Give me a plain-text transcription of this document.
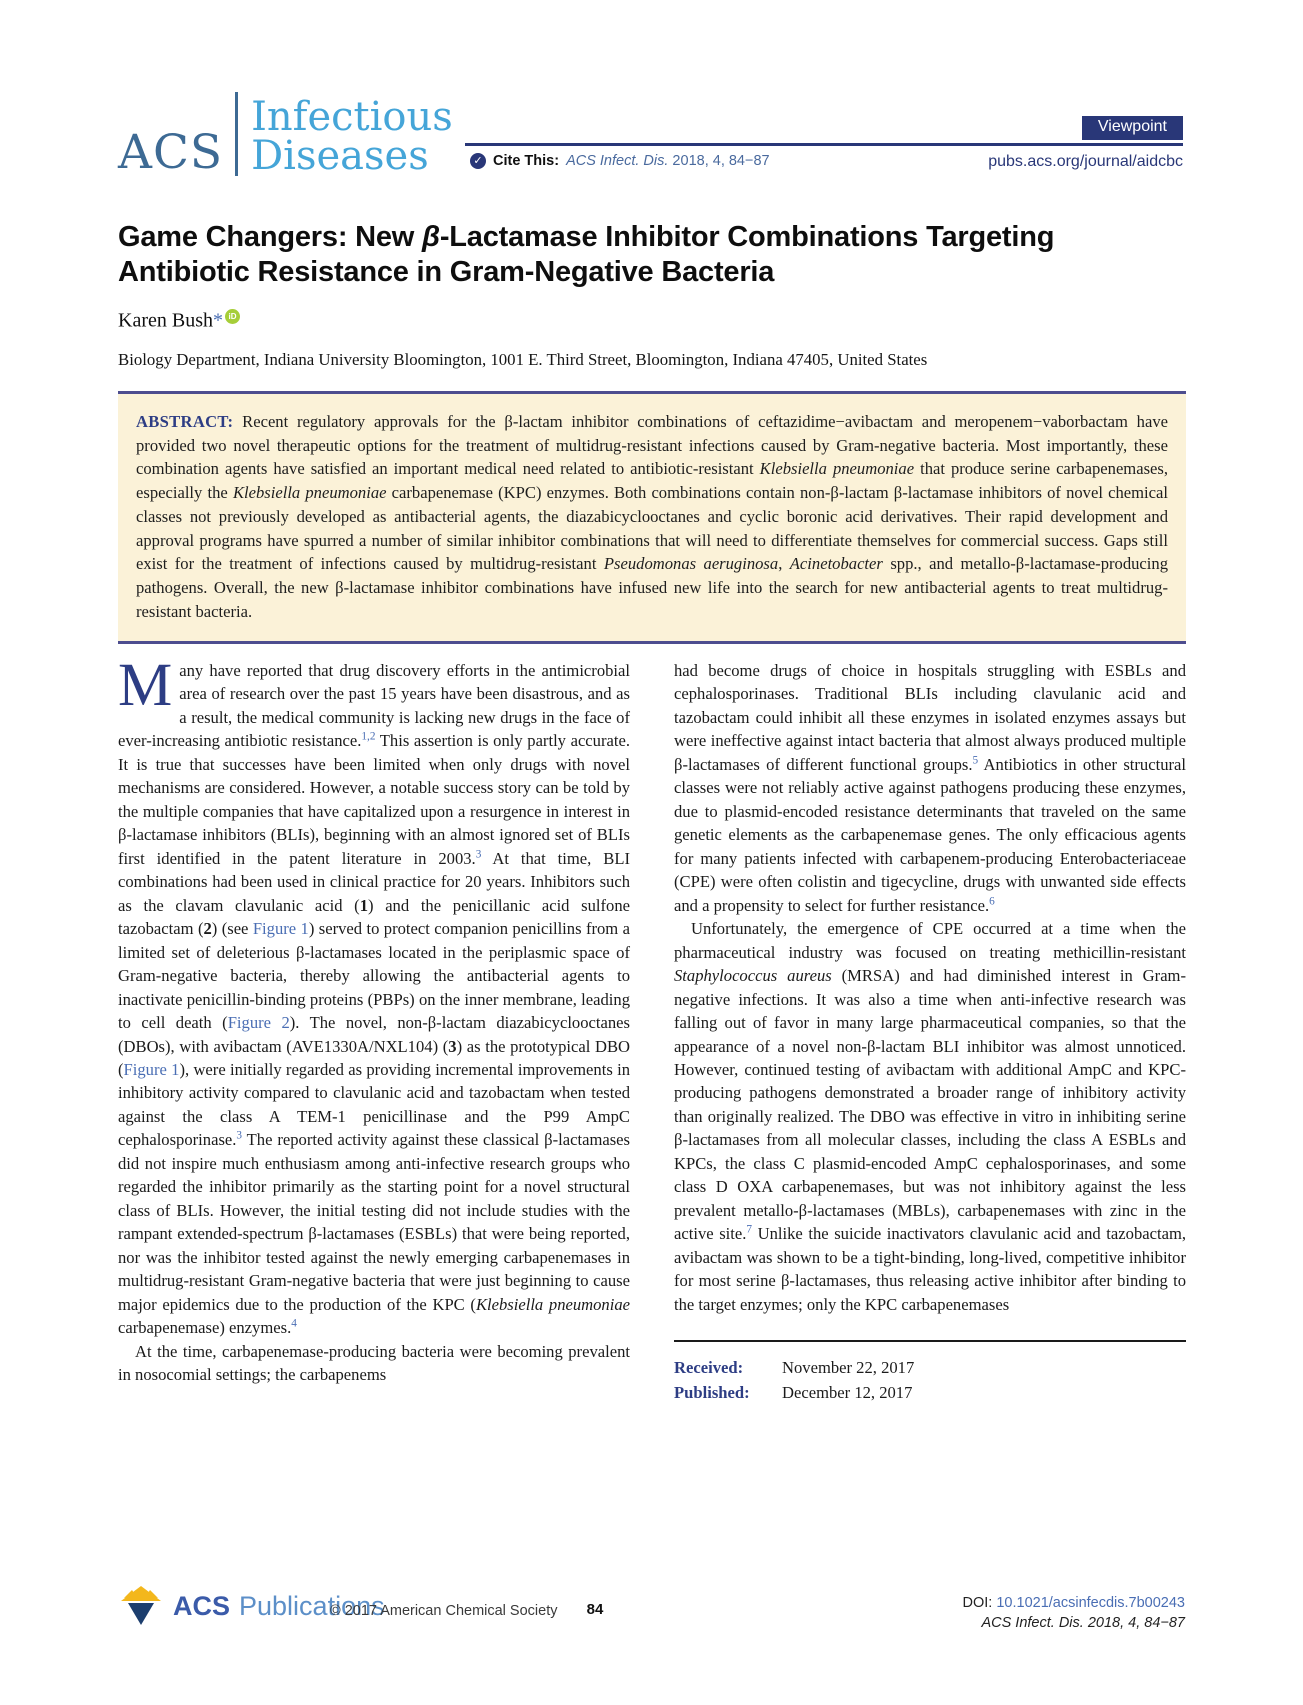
ACS
Infectious
Diseases
Viewpoint
✓ Cite This: ACS Infect. Dis. 2018, 4, 84−87	pubs.acs.org/journal/aidcbc
Game Changers: New β-Lactamase Inhibitor Combinations Targeting Antibiotic Resistance in Gram-Negative Bacteria
Karen Bush* iD
Biology Department, Indiana University Bloomington, 1001 E. Third Street, Bloomington, Indiana 47405, United States
ABSTRACT: Recent regulatory approvals for the β-lactam inhibitor combinations of ceftazidime−avibactam and meropenem−vaborbactam have provided two novel therapeutic options for the treatment of multidrug-resistant infections caused by Gram-negative bacteria. Most importantly, these combination agents have satisfied an important medical need related to antibiotic-resistant Klebsiella pneumoniae that produce serine carbapenemases, especially the Klebsiella pneumoniae carbapenemase (KPC) enzymes. Both combinations contain non-β-lactam β-lactamase inhibitors of novel chemical classes not previously developed as antibacterial agents, the diazabicyclooctanes and cyclic boronic acid derivatives. Their rapid development and approval programs have spurred a number of similar inhibitor combinations that will need to differentiate themselves for commercial success. Gaps still exist for the treatment of infections caused by multidrug-resistant Pseudomonas aeruginosa, Acinetobacter spp., and metallo-β-lactamase-producing pathogens. Overall, the new β-lactamase inhibitor combinations have infused new life into the search for new antibacterial agents to treat multidrug-resistant bacteria.

Many have reported that drug discovery efforts in the antimicrobial area of research over the past 15 years have been disastrous, and as a result, the medical community is lacking new drugs in the face of ever-increasing antibiotic resistance.$^{1,2}$ This assertion is only partly accurate. It is true that successes have been limited when only drugs with novel mechanisms are considered. However, a notable success story can be told by the multiple companies that have capitalized upon a resurgence in interest in β-lactamase inhibitors (BLIs), beginning with an almost ignored set of BLIs first identified in the patent literature in 2003.$^3$ At that time, BLI combinations had been used in clinical practice for 20 years. Inhibitors such as the clavam clavulanic acid (1) and the penicillanic acid sulfone tazobactam (2) (see Figure 1) served to protect companion penicillins from a limited set of deleterious β-lactamases located in the periplasmic space of Gram-negative bacteria, thereby allowing the antibacterial agents to inactivate penicillin-binding proteins (PBPs) on the inner membrane, leading to cell death (Figure 2). The novel, non-β-lactam diazabicyclooctanes (DBOs), with avibactam (AVE1330A/NXL104) (3) as the prototypical DBO (Figure 1), were initially regarded as providing incremental improvements in inhibitory activity compared to clavulanic acid and tazobactam when tested against the class A TEM-1 penicillinase and the P99 AmpC cephalosporinase.$^3$ The reported activity against these classical β-lactamases did not inspire much enthusiasm among anti-infective research groups who regarded the inhibitor primarily as the starting point for a novel structural class of BLIs. However, the initial testing did not include studies with the rampant extended-spectrum β-lactamases (ESBLs) that were being reported, nor was the inhibitor tested against the newly emerging carbapenemases in multidrug-resistant Gram-negative bacteria that were just beginning to cause major epidemics due to the production of the KPC (Klebsiella pneumoniae carbapenemase) enzymes.$^4$

At the time, carbapenemase-producing bacteria were becoming prevalent in nosocomial settings; the carbapenems

had become drugs of choice in hospitals struggling with ESBLs and cephalosporinases. Traditional BLIs including clavulanic acid and tazobactam could inhibit all these enzymes in isolated enzymes assays but were ineffective against intact bacteria that almost always produced multiple β-lactamases of different functional groups.$^5$ Antibiotics in other structural classes were not reliably active against pathogens producing these enzymes, due to plasmid-encoded resistance determinants that traveled on the same genetic elements as the carbapenemase genes. The only efficacious agents for many patients infected with carbapenem-producing Enterobacteriaceae (CPE) were often colistin and tigecycline, drugs with unwanted side effects and a propensity to select for further resistance.$^6$

Unfortunately, the emergence of CPE occurred at a time when the pharmaceutical industry was focused on treating methicillin-resistant Staphylococcus aureus (MRSA) and had diminished interest in Gram-negative infections. It was also a time when anti-infective research was falling out of favor in many large pharmaceutical companies, so that the appearance of a novel non-β-lactam BLI inhibitor was almost unnoticed. However, continued testing of avibactam with additional AmpC and KPC-producing pathogens demonstrated a broader range of inhibitory activity than originally realized. The DBO was effective in vitro in inhibiting serine β-lactamases from all molecular classes, including the class A ESBLs and KPCs, the class C plasmid-encoded AmpC cephalosporinases, and some class D OXA carbapenemases, but was not inhibitory against the less prevalent metallo-β-lactamases (MBLs), carbapenemases with zinc in the active site.$^7$ Unlike the suicide inactivators clavulanic acid and tazobactam, avibactam was shown to be a tight-binding, long-lived, competitive inhibitor for most serine β-lactamases, thus releasing active inhibitor after binding to the target enzymes; only the KPC carbapenemases

Received:	November 22, 2017
Published:	December 12, 2017
ACS Publications
© 2017 American Chemical Society	84	DOI: 10.1021/acsinfecdis.7b00243
ACS Infect. Dis. 2018, 4, 84−87
